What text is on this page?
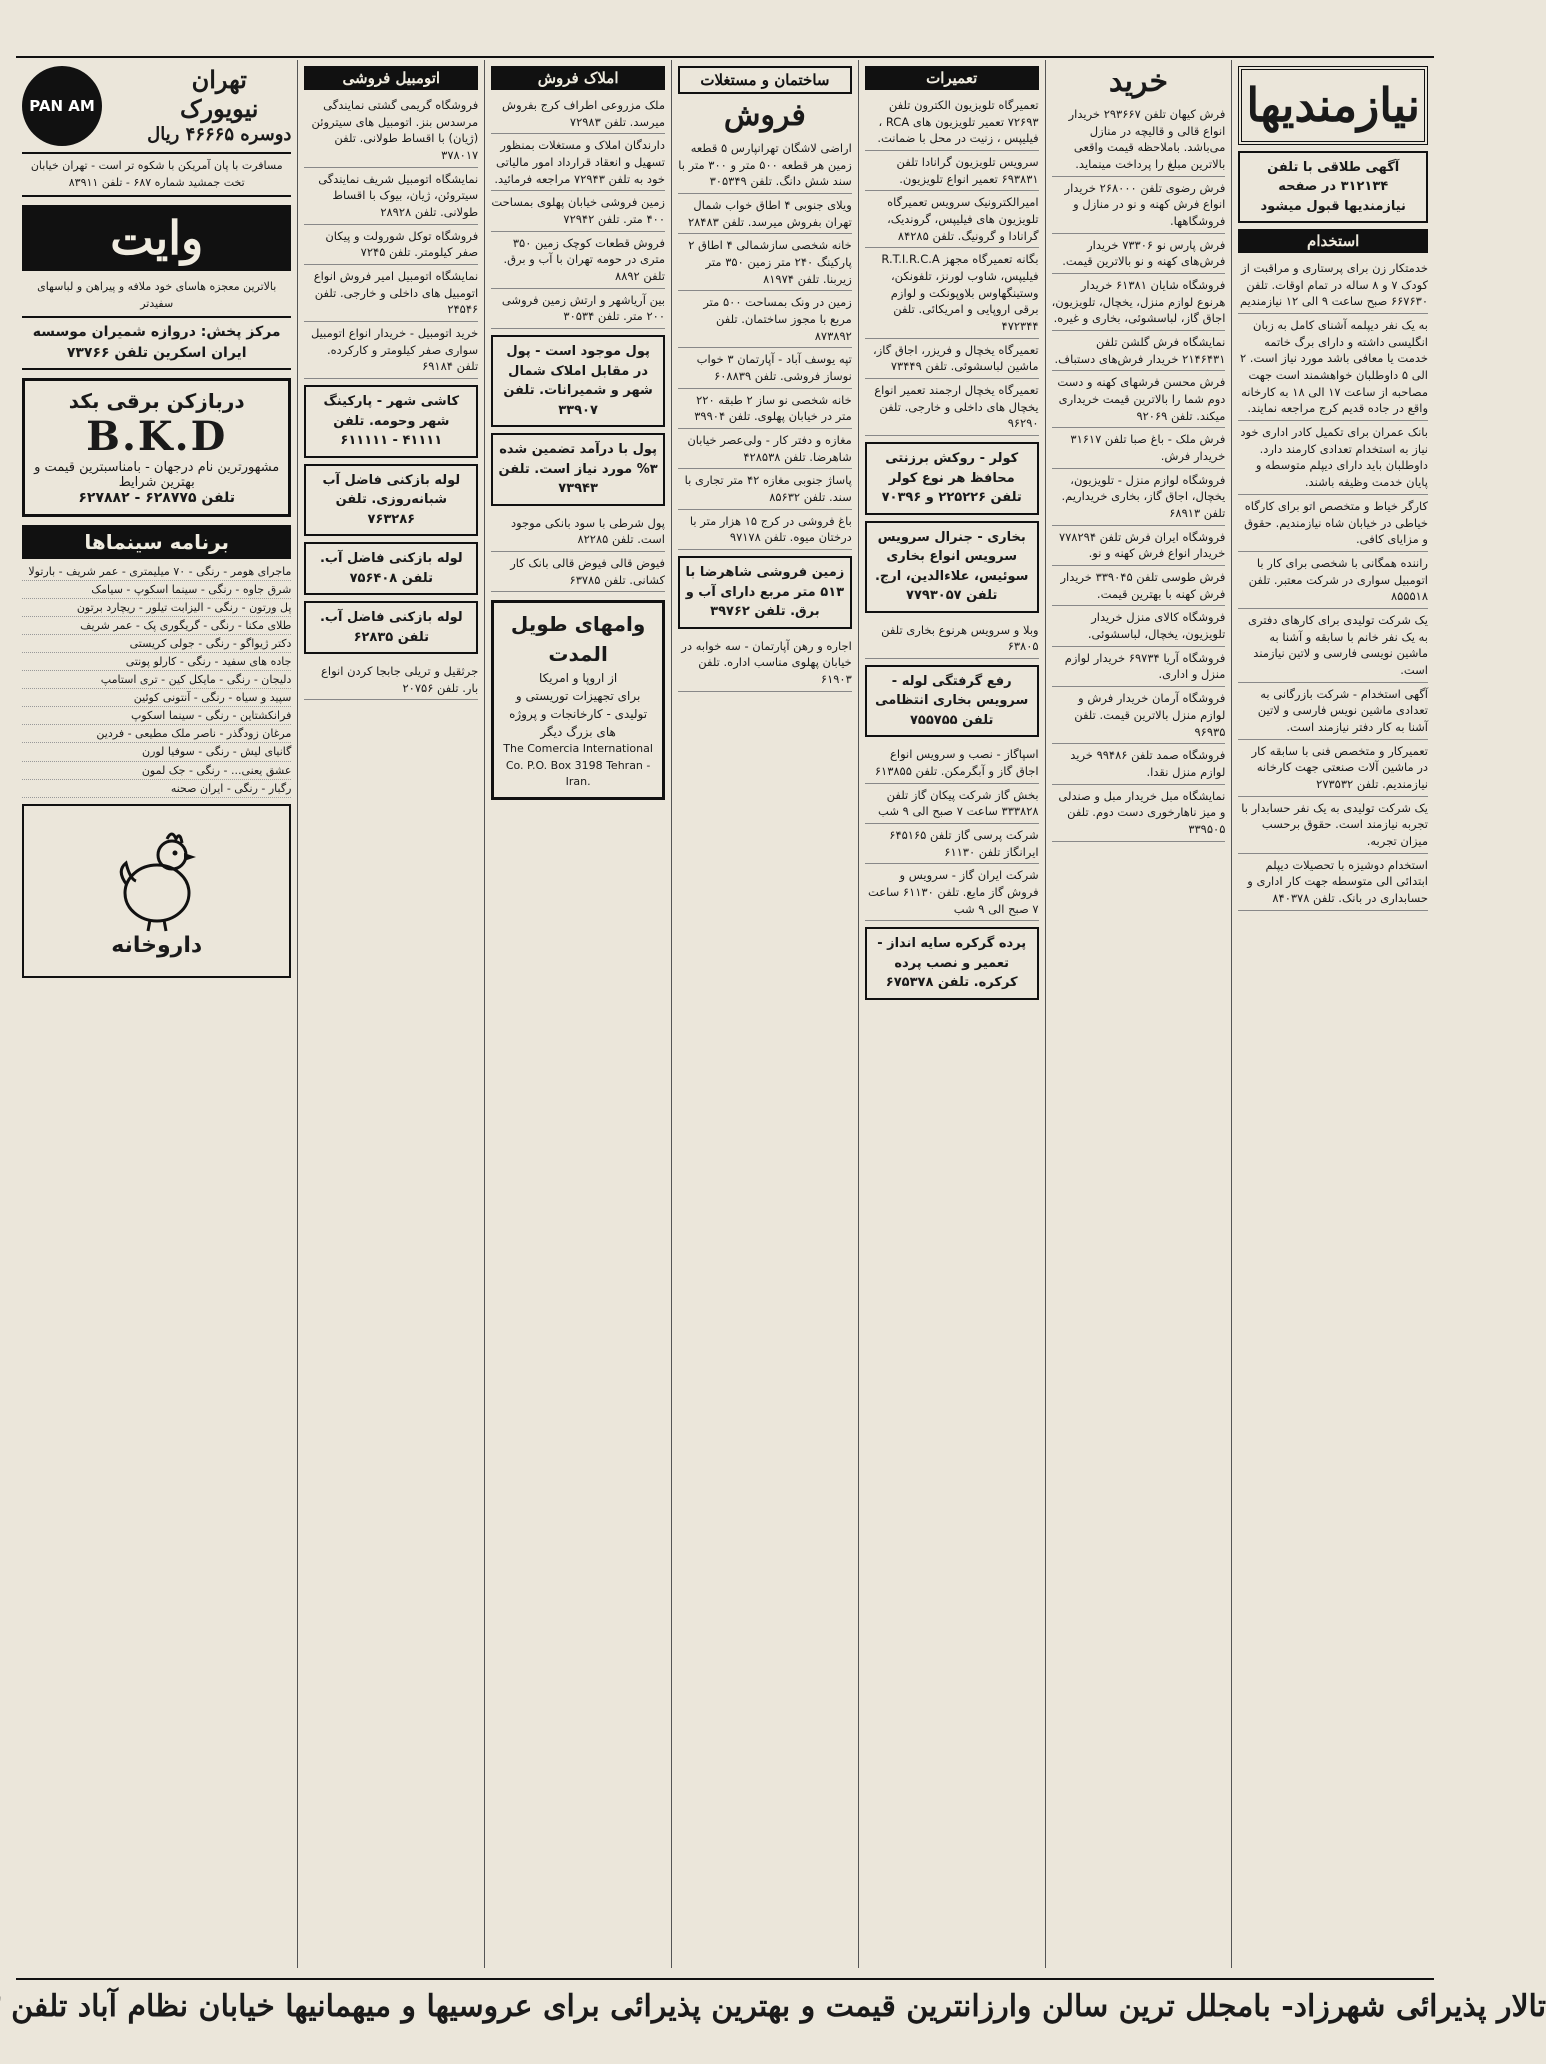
نیازمندیها
آگهی طلاقی با تلفن ۳۱۲۱۳۴ در صفحه نیازمندیها قبول میشود
استخدام
خدمتکار زن برای پرستاری و مراقبت از کودک ۷ و ۸ ساله در تمام اوقات. تلفن ۶۶۷۶۳۰ صبح ساعت ۹ الی ۱۲ نیازمندیم
به یک نفر دیپلمه آشنای کامل به زبان انگلیسی داشته و دارای برگ خاتمه خدمت یا معافی باشد مورد نیاز است. ۲ الی ۵ داوطلبان خواهشمند است جهت مصاحبه از ساعت ۱۷ الی ۱۸ به کارخانه واقع در جاده قدیم کرج مراجعه نمایند.
بانک عمران برای تکمیل کادر اداری خود نیاز به استخدام تعدادی کارمند دارد. داوطلبان باید دارای دیپلم متوسطه و پایان خدمت وظیفه باشند.
کارگر خیاط و متخصص اتو برای کارگاه خیاطی در خیابان شاه نیازمندیم. حقوق و مزایای کافی.
راننده همگانی با شخصی برای کار با اتومبیل سواری در شرکت معتبر. تلفن ۸۵۵۵۱۸
یک شرکت تولیدی برای کارهای دفتری به یک نفر خانم با سابقه و آشنا به ماشین نویسی فارسی و لاتین نیازمند است.
آگهی استخدام - شرکت بازرگانی به تعدادی ماشین نویس فارسی و لاتین آشنا به کار دفتر نیازمند است.
تعمیرکار و متخصص فنی با سابقه کار در ماشین آلات صنعتی جهت کارخانه نیازمندیم. تلفن ۲۷۳۵۳۲
یک شرکت تولیدی به یک نفر حسابدار با تجربه نیازمند است. حقوق برحسب میزان تجربه.
استخدام دوشیزه با تحصیلات دیپلم ابتدائی الی متوسطه جهت کار اداری و حسابداری در بانک. تلفن ۸۴۰۳۷۸
خرید
فرش کیهان تلفن ۲۹۳۶۶۷ خریدار انواع قالی و قالیچه در منازل می‌باشد. باملاحظه قیمت واقعی بالاترین مبلغ را پرداخت مینماید.
فرش رضوی تلفن ۲۶۸۰۰۰ خریدار انواع فرش کهنه و نو در منازل و فروشگاهها.
فرش پارس نو ۷۳۳۰۶ خریدار فرش‌های کهنه و نو بالاترین قیمت.
فروشگاه شایان ۶۱۳۸۱ خریدار هرنوع لوازم منزل، یخچال، تلویزیون، اجاق گاز، لباسشوئی، بخاری و غیره.
نمایشگاه فرش گلشن تلفن ۲۱۴۶۴۳۱ خریدار فرش‌های دستباف.
فرش محسن فرشهای کهنه و دست دوم شما را بالاترین قیمت خریداری میکند. تلفن ۹۲۰۶۹
فرش ملک - باغ صبا تلفن ۳۱۶۱۷ خریدار فرش.
فروشگاه لوازم منزل - تلویزیون، یخچال، اجاق گاز، بخاری خریداریم. تلفن ۶۸۹۱۳
فروشگاه ایران فرش تلفن ۷۷۸۲۹۴ خریدار انواع فرش کهنه و نو.
فرش طوسی تلفن ۳۳۹۰۴۵ خریدار فرش کهنه با بهترین قیمت.
فروشگاه کالای منزل خریدار تلویزیون، یخچال، لباسشوئی.
فروشگاه آریا ۶۹۷۳۴ خریدار لوازم منزل و اداری.
فروشگاه آرمان خریدار فرش و لوازم منزل بالاترین قیمت. تلفن ۹۶۹۳۵
فروشگاه صمد تلفن ۹۹۴۸۶ خرید لوازم منزل نقدا.
نمایشگاه مبل خریدار مبل و صندلی و میز ناهارخوری دست دوم. تلفن ۳۳۹۵۰۵
تعمیرات
تعمیرگاه تلویزیون الکترون تلفن ۷۲۶۹۳ تعمیر تلویزیون های RCA ، فیلیپس ، زنیت در محل با ضمانت.
سرویس تلویزیون گرانادا تلفن ۶۹۳۸۳۱ تعمیر انواع تلویزیون.
امیرالکترونیک سرویس تعمیرگاه تلویزیون های فیلیپس، گروندیک، گرانادا و گرونیگ. تلفن ۸۴۲۸۵
بگانه تعمیرگاه مجهز R.T.I.R.C.A فیلیپس، شاوب لورنز، تلفونکن، وستینگهاوس بلاوپونکت و لوازم برقی اروپایی و امریکائی. تلفن ۴۷۲۳۴۴
تعمیرگاه یخچال و فریزر، اجاق گاز، ماشین لباسشوئی. تلفن ۷۳۴۴۹
تعمیرگاه یخچال ارجمند تعمیر انواع یخچال های داخلی و خارجی. تلفن ۹۶۲۹۰
کولر - روکش برزنتی محافظ هر نوع کولر تلفن ۲۲۵۲۲۶ و ۷۰۳۹۶
بخاری - جنرال سرویس سرویس انواع بخاری سوئیس، علاءالدین، ارج. تلفن ۷۷۹۳۰۵۷
وبلا و سرویس هرنوع بخاری تلفن ۶۳۸۰۵
رفع گرفتگی لوله - سرویس بخاری انتظامی تلفن ۷۵۵۷۵۵
اسپاگاز - نصب و سرویس انواع اجاق گاز و آبگرمکن. تلفن ۶۱۳۸۵۵
بخش گاز شرکت پیکان گاز تلفن ۳۳۳۸۲۸ ساعت ۷ صبح الی ۹ شب
شرکت پرسی گاز تلفن ۶۴۵۱۶۵ ایرانگاز تلفن ۶۱۱۳۰
شرکت ایران گاز - سرویس و فروش گاز مایع. تلفن ۶۱۱۳۰ ساعت ۷ صبح الی ۹ شب
پرده گرکره سایه انداز - تعمیر و نصب پرده کرکره. تلفن ۶۷۵۳۷۸
ساختمان و مستغلات
فروش
اراضی لاشگان تهرانپارس ۵ قطعه زمین هر قطعه ۵۰۰ متر و ۳۰۰ متر با سند شش دانگ. تلفن ۳۰۵۳۴۹
ویلای جنوبی ۴ اطاق خواب شمال تهران بفروش میرسد. تلفن ۲۸۴۸۳
خانه شخصی سازشمالی ۴ اطاق ۲ پارکینگ ۲۴۰ متر زمین ۳۵۰ متر زیربنا. تلفن ۸۱۹۷۴
زمین در ونک بمساحت ۵۰۰ متر مربع با مجوز ساختمان. تلفن ۸۷۳۸۹۲
تپه یوسف آباد - آپارتمان ۳ خواب نوساز فروشی. تلفن ۶۰۸۸۳۹
خانه شخصی نو ساز ۲ طبقه ۲۲۰ متر در خیابان پهلوی. تلفن ۳۹۹۰۴
مغازه و دفتر کار - ولی‌عصر خیابان شاهرضا. تلفن ۴۲۸۵۳۸
پاساژ جنوبی مغازه ۴۲ متر تجاری با سند. تلفن ۸۵۶۳۲
باغ فروشی در کرج ۱۵ هزار متر با درختان میوه. تلفن ۹۷۱۷۸
زمین فروشی شاهرضا با ۵۱۳ متر مربع دارای آب و برق. تلفن ۳۹۷۶۲
اجاره و رهن آپارتمان - سه خوابه در خیابان پهلوی مناسب اداره. تلفن ۶۱۹۰۳
املاک فروش
ملک مزروعی اطراف کرج بفروش میرسد. تلفن ۷۲۹۸۳
دارندگان املاک و مستغلات بمنظور تسهیل و انعقاد قرارداد امور مالیاتی خود به تلفن ۷۲۹۴۳ مراجعه فرمائید.
زمین فروشی خیابان پهلوی بمساحت ۴۰۰ متر. تلفن ۷۲۹۴۲
فروش قطعات کوچک زمین ۳۵۰ متری در حومه تهران با آب و برق. تلفن ۸۸۹۲
بین آریاشهر و ارتش زمین فروشی ۲۰۰ متر. تلفن ۳۰۵۳۴
پول موجود است - پول در مقابل املاک شمال شهر و شمیرانات. تلفن ۳۳۹۰۷
پول با درآمد تضمین شده ۳% مورد نیاز است. تلفن ۷۳۹۴۳
پول شرطی با سود بانکی موجود است. تلفن ۸۲۲۸۵
فیوض قالی فیوض قالی بانک کار کشانی. تلفن ۶۳۷۸۵
وامهای طویل المدت
از اروپا و امریکا
برای تجهیزات توریستی و تولیدی - کارخانجات و پروژه های بزرگ دیگر
The Comercia International Co. P.O. Box 3198 Tehran - Iran.
اتومبیل فروشی
فروشگاه گریمی گشتی نمایندگی مرسدس بنز. اتومبیل های سیتروئن (ژیان) با اقساط طولانی. تلفن ۳۷۸۰۱۷
نمایشگاه اتومبیل شریف نمایندگی سیتروئن، ژیان، بیوک با اقساط طولانی. تلفن ۲۸۹۲۸
فروشگاه توکل شورولت و پیکان صفر کیلومتر. تلفن ۷۲۴۵
نمایشگاه اتومبیل امیر فروش انواع اتومبیل های داخلی و خارجی. تلفن ۲۴۵۴۶
خرید اتومبیل - خریدار انواع اتومبیل سواری صفر کیلومتر و کارکرده. تلفن ۶۹۱۸۴
کاشی شهر - پارکینگ شهر وحومه. تلفن ۴۱۱۱۱ - ۶۱۱۱۱۱
لوله بازکنی فاضل آب شبانه‌روزی. تلفن ۷۶۳۲۸۶
لوله بازکنی فاضل آب. تلفن ۷۵۶۴۰۸
لوله بازکنی فاضل آب. تلفن ۶۲۸۳۵
جرثقیل و تریلی جابجا کردن انواع بار. تلفن ۲۰۷۵۶
تهران
نیویورک
دوسره ۴۶۶۶۵ ریال
PAN AM
مسافرت با پان آمریکن با شکوه تر است - تهران خیابان تخت جمشید شماره ۶۸۷ - تلفن ۸۳۹۱۱
وایت
بالاترین معجزه هاسای خود ملافه و پیراهن و لباسهای سفیدتر
مرکز پخش: دروازه شمیران موسسه ایران اسکرین تلفن ۷۳۷۶۶
دربازکن برقی بکد
B.K.D
مشهورترین نام درجهان - بامناسبترین قیمت و بهترین شرایط
تلفن ۶۲۸۷۷۵ - ۶۲۷۸۸۲
برنامه سینماها
ماجرای هومر - رنگی - ۷۰ میلیمتری - عمر شریف - بارتولا
شرق جاوه - رنگی - سینما اسکوپ - سیامک
پل ورتون - رنگی - الیزابت تیلور - ریچارد برتون
طلای مکنا - رنگی - گریگوری پک - عمر شریف
دکتر ژیواگو - رنگی - جولی کریستی
جاده های سفید - رنگی - کارلو پونتی
دلیجان - رنگی - مایکل کین - تری استامپ
سپید و سیاه - رنگی - آنتونی کوئین
فرانکشتاین - رنگی - سینما اسکوپ
مرغان زودگذر - ناصر ملک مطیعی - فردین
گانیای لیش - رنگی - سوفیا لورن
عشق یعنی... - رنگی - جک لمون
رگبار - رنگی - ایران صحنه
داروخانه
تالار پذیرائی شهرزاد- بامجلل ترین سالن وارزانترین قیمت و بهترین پذیرائی برای عروسیها و میهمانیها خیابان نظام آباد تلفن
